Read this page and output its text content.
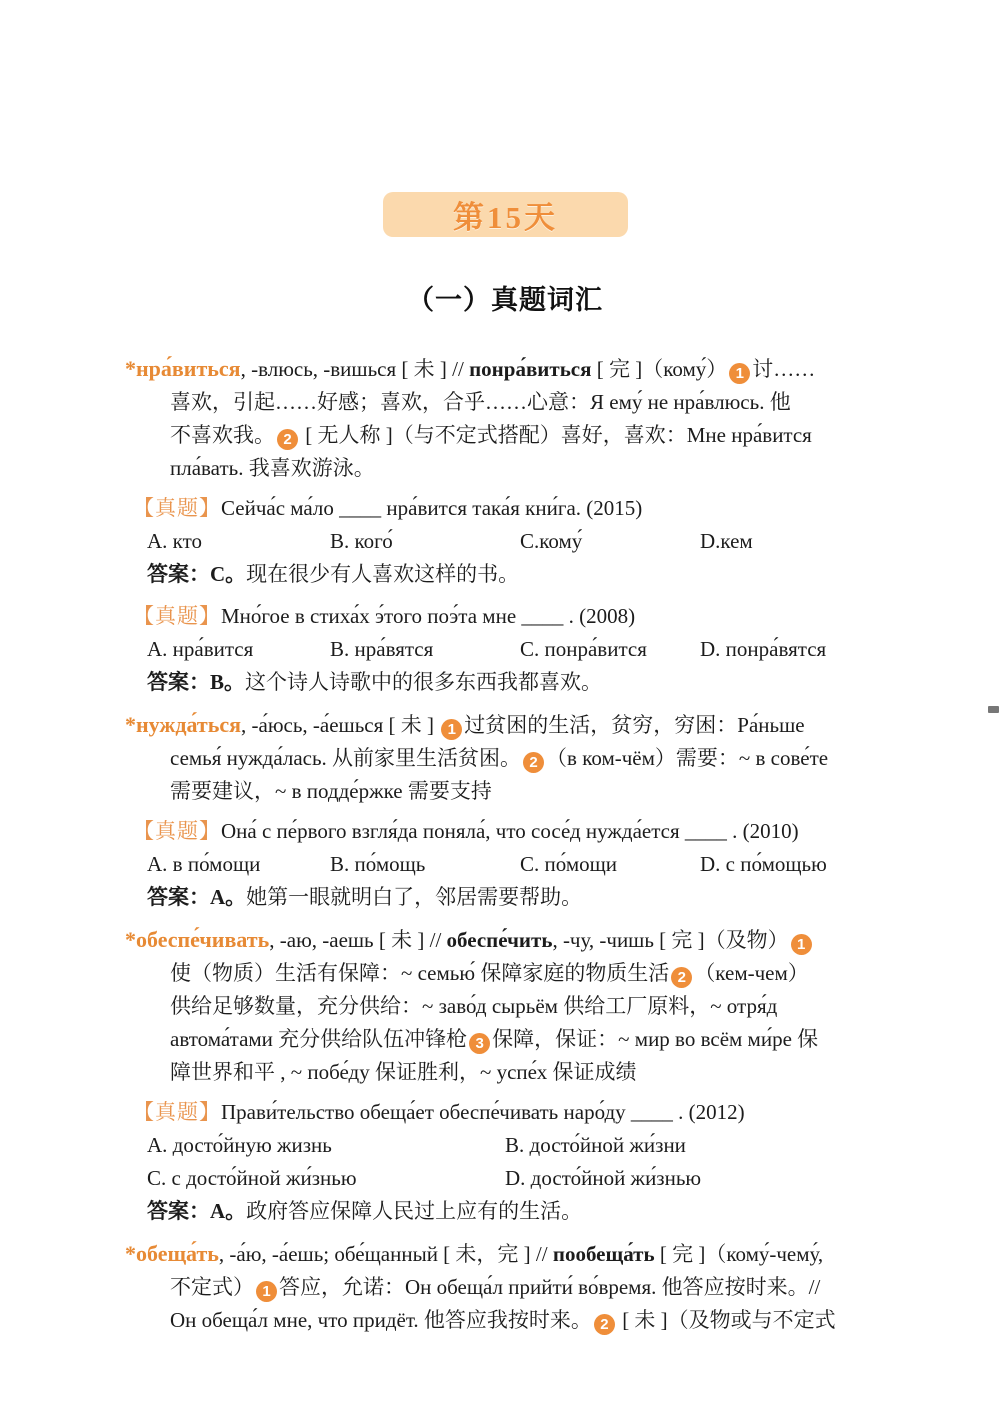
第15天
（一）真题词汇
*нра́виться, -влюсь, -вишься [ 未 ] // понра́виться [ 完 ]（кому́） 1 讨……
喜欢，引起……好感；喜欢，合乎……心意：Я ему́ не нра́влюсь. 他
不喜欢我。 2 [ 无人称 ]（与不定式搭配）喜好，喜欢：Мне нра́вится
пла́вать. 我喜欢游泳。
【真题】Сейча́с ма́ло ____ нра́вится така́я кни́га. (2015)
A. кто	B. кого́	C.кому́	D.кем
答案：C。现在很少有人喜欢这样的书。
【真题】Мно́гое в стиха́х э́того поэ́та мне ____ . (2008)
A. нра́вится	B. нра́вятся	C. понра́вится	D. понра́вятся
答案：B。这个诗人诗歌中的很多东西我都喜欢。
*нужда́ться, -а́юсь, -а́ешься [ 未 ] 1 过贫困的生活，贫穷，穷困：Ра́ньше
семья́ нужда́лась. 从前家里生活贫困。 2 （в ком-чём）需要：~ в сове́те
需要建议，~ в подде́ржке 需要支持
【真题】Она́ с пе́рвого взгля́да поняла́, что сосе́д нужда́ется ____ . (2010)
A. в по́мощи	B. по́мощь	C. по́мощи	D. с по́мощью
答案：A。她第一眼就明白了，邻居需要帮助。
*обеспе́чивать, -аю, -аешь [ 未 ] // обеспе́чить, -чу, -чишь [ 完 ]（及物） 1
使（物质）生活有保障：~ семью́ 保障家庭的物质生活 2 （кем-чем）
供给足够数量，充分供给：~ заво́д сырьём 供给工厂原料，~ отря́д
автома́тами 充分供给队伍冲锋枪 3 保障，保证：~ мир во всём ми́ре 保
障世界和平 , ~ побе́ду 保证胜利，~ успе́х 保证成绩
【真题】Прави́тельство обеща́ет обеспе́чивать наро́ду ____ . (2012)
A. досто́йную жизнь	B. досто́йной жи́зни
C. с досто́йной жи́знью	D. досто́йной жи́знью
答案：A。政府答应保障人民过上应有的生活。
*обеща́ть, -а́ю, -а́ешь; обе́щанный [ 未，完 ] // пообеща́ть [ 完 ]（кому́-чему́,
不定式） 1 答应，允诺：Он обеща́л прийти́ во́время. 他答应按时来。//
Он обеща́л мне, что придёт. 他答应我按时来。 2 [ 未 ]（及物或与不定式
